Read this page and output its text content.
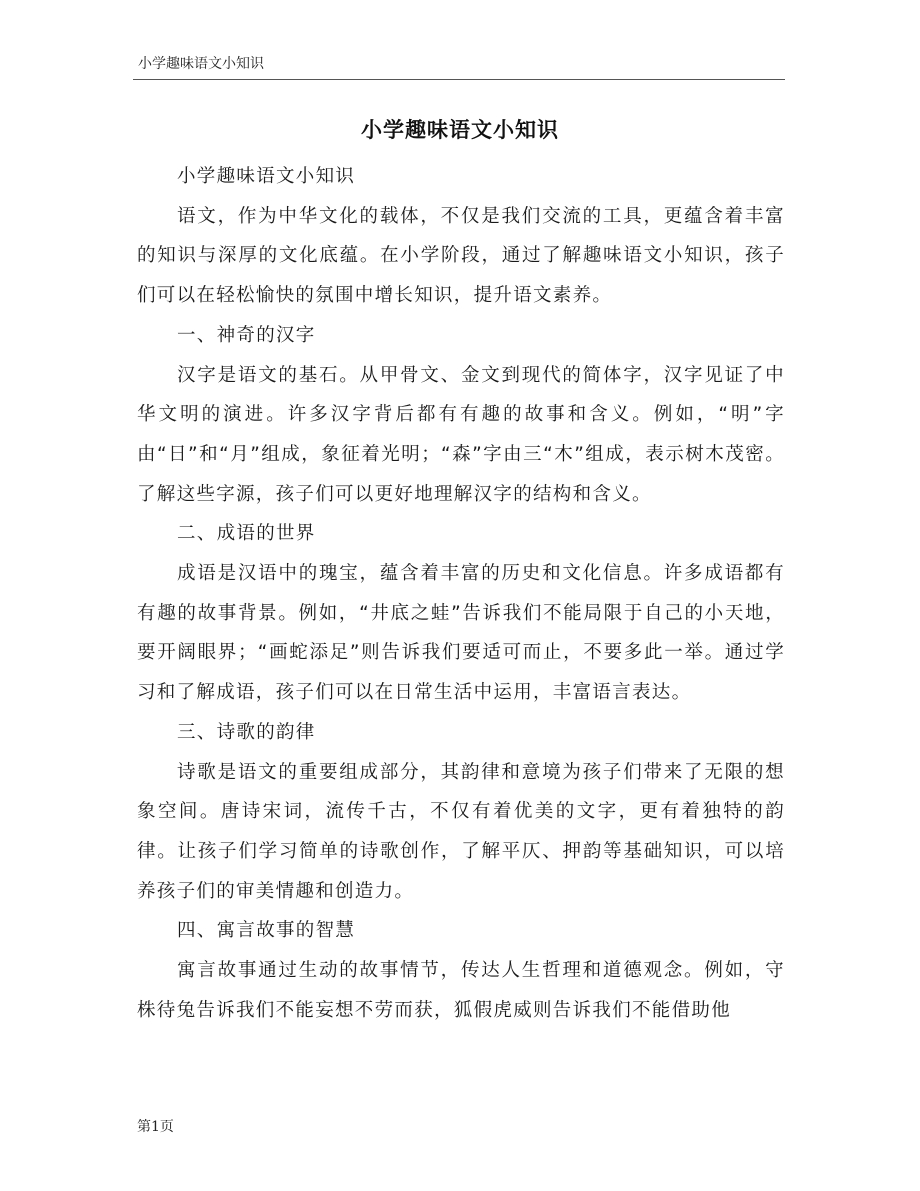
小学趣味语文小知识
小学趣味语文小知识

小学趣味语文小知识

语文，作为中华文化的载体，不仅是我们交流的工具，更蕴含着丰富的知识与深厚的文化底蕴。在小学阶段，通过了解趣味语文小知识，孩子们可以在轻松愉快的氛围中增长知识，提升语文素养。

一、神奇的汉字

汉字是语文的基石。从甲骨文、金文到现代的简体字，汉字见证了中华文明的演进。许多汉字背后都有有趣的故事和含义。例如，“明”字由“日”和“月”组成，象征着光明；“森”字由三“木”组成，表示树木茂密。了解这些字源，孩子们可以更好地理解汉字的结构和含义。

二、成语的世界

成语是汉语中的瑰宝，蕴含着丰富的历史和文化信息。许多成语都有有趣的故事背景。例如，“井底之蛙”告诉我们不能局限于自己的小天地，要开阔眼界；“画蛇添足”则告诉我们要适可而止，不要多此一举。通过学习和了解成语，孩子们可以在日常生活中运用，丰富语言表达。

三、诗歌的韵律

诗歌是语文的重要组成部分，其韵律和意境为孩子们带来了无限的想象空间。唐诗宋词，流传千古，不仅有着优美的文字，更有着独特的韵律。让孩子们学习简单的诗歌创作，了解平仄、押韵等基础知识，可以培养孩子们的审美情趣和创造力。

四、寓言故事的智慧

寓言故事通过生动的故事情节，传达人生哲理和道德观念。例如，守株待兔告诉我们不能妄想不劳而获，狐假虎威则告诉我们不能借助他

第1页
